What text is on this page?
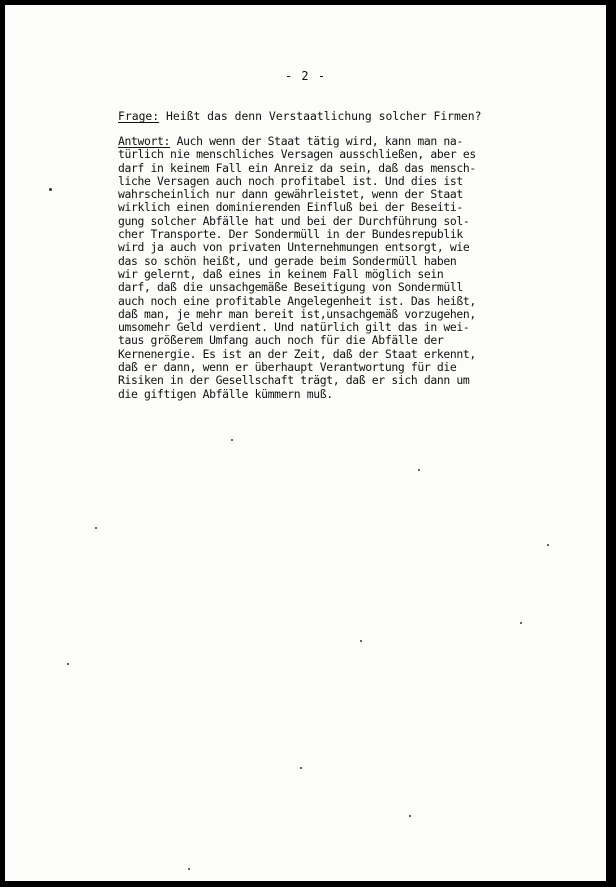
- 2 -
Frage: Heißt das denn Verstaatlichung solcher Firmen?
Antwort: Auch wenn der Staat tätig wird, kann man na-
türlich nie menschliches Versagen ausschließen, aber es
darf in keinem Fall ein Anreiz da sein, daß das mensch-
liche Versagen auch noch profitabel ist. Und dies ist
wahrscheinlich nur dann gewährleistet, wenn der Staat
wirklich einen dominierenden Einfluß bei der Beseiti-
gung solcher Abfälle hat und bei der Durchführung sol-
cher Transporte. Der Sondermüll in der Bundesrepublik
wird ja auch von privaten Unternehmungen entsorgt, wie
das so schön heißt, und gerade beim Sondermüll haben
wir gelernt, daß eines in keinem Fall möglich sein
darf, daß die unsachgemäße Beseitigung von Sondermüll
auch noch eine profitable Angelegenheit ist. Das heißt,
daß man, je mehr man bereit ist,unsachgemäß vorzugehen,
umsomehr Geld verdient. Und natürlich gilt das in wei-
taus größerem Umfang auch noch für die Abfälle der
Kernenergie. Es ist an der Zeit, daß der Staat erkennt,
daß er dann, wenn er überhaupt Verantwortung für die
Risiken in der Gesellschaft trägt, daß er sich dann um
die giftigen Abfälle kümmern muß.
